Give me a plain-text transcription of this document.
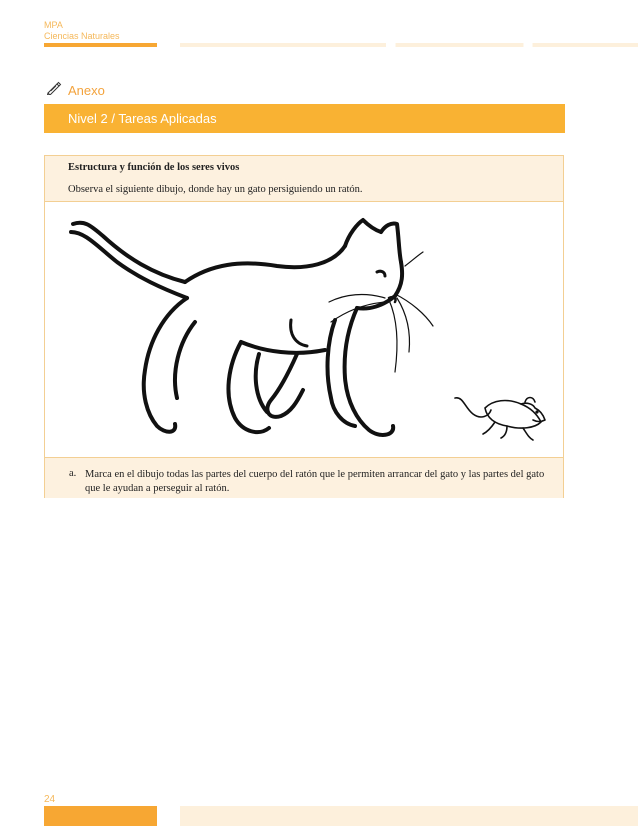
MPA
Ciencias Naturales
Anexo
Nivel 2 / Tareas Aplicadas
Estructura y función de los seres vivos
Observa el siguiente dibujo, donde hay un gato persiguiendo un ratón.
a. Marca en el dibujo todas las partes del cuerpo del ratón que le permiten arrancar del gato y las partes del gato que le ayudan a perseguir al ratón.
24
